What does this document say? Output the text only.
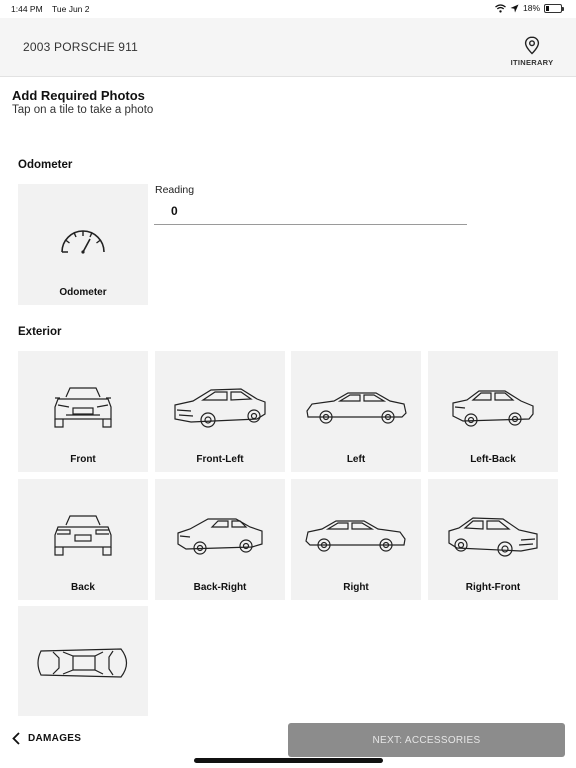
1:44 PM Tue Jun 2	18%
2003 PORSCHE 911
ITINERARY
Add Required Photos
Tap on a tile to take a photo
Odometer
Odometer
Reading
0
Exterior
Front	Front-Left	Left	Left-Back
Back	Back-Right	Right	Right-Front
DAMAGES	NEXT: ACCESSORIES
